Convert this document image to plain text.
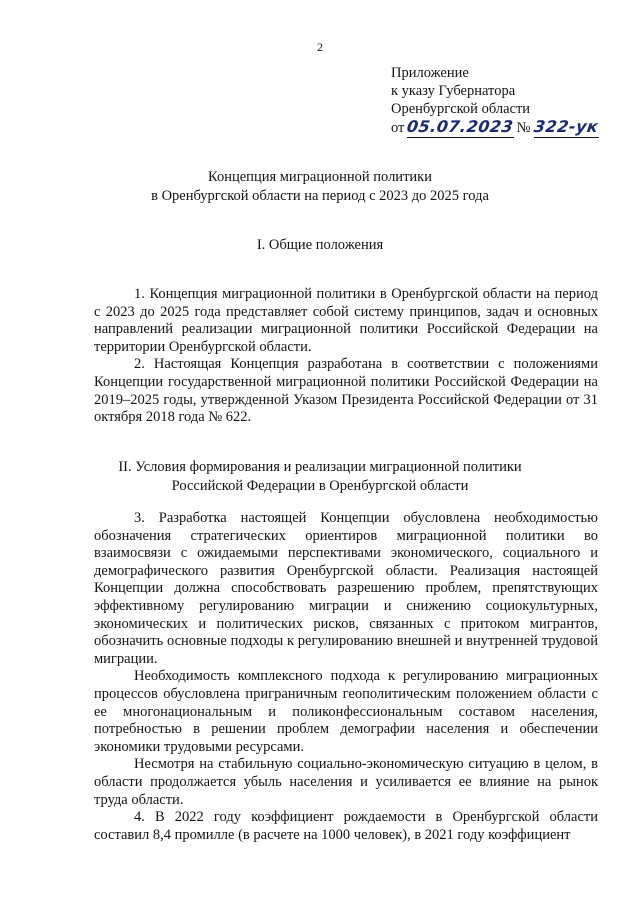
2
Приложение
к указу Губернатора
Оренбургской области
от 05.07.2023 № 322-ук
Концепция миграционной политики
в Оренбургской области на период с 2023 до 2025 года
I. Общие положения

1. Концепция миграционной политики в Оренбургской области на период с 2023 до 2025 года представляет собой систему принципов, задач и основных направлений реализации миграционной политики Российской Федерации на территории Оренбургской области.

2. Настоящая Концепция разработана в соответствии с положениями Концепции государственной миграционной политики Российской Федерации на 2019–2025 годы, утвержденной Указом Президента Российской Федерации от 31 октября 2018 года № 622.

II. Условия формирования и реализации миграционной политики
Российской Федерации в Оренбургской области

3. Разработка настоящей Концепции обусловлена необходимостью обозначения стратегических ориентиров миграционной политики во взаимосвязи с ожидаемыми перспективами экономического, социального и демографического развития Оренбургской области. Реализация настоящей Концепции должна способствовать разрешению проблем, препятствующих эффективному регулированию миграции и снижению социокультурных, экономических и политических рисков, связанных с притоком мигрантов, обозначить основные подходы к регулированию внешней и внутренней трудовой миграции.

Необходимость комплексного подхода к регулированию миграционных процессов обусловлена приграничным геополитическим положением области с ее многонациональным и поликонфессиональным составом населения, потребностью в решении проблем демографии населения и обеспечении экономики трудовыми ресурсами.

Несмотря на стабильную социально-экономическую ситуацию в целом, в области продолжается убыль населения и усиливается ее влияние на рынок труда области.

4. В 2022 году коэффициент рождаемости в Оренбургской области составил 8,4 промилле (в расчете на 1000 человек), в 2021 году коэффициент
